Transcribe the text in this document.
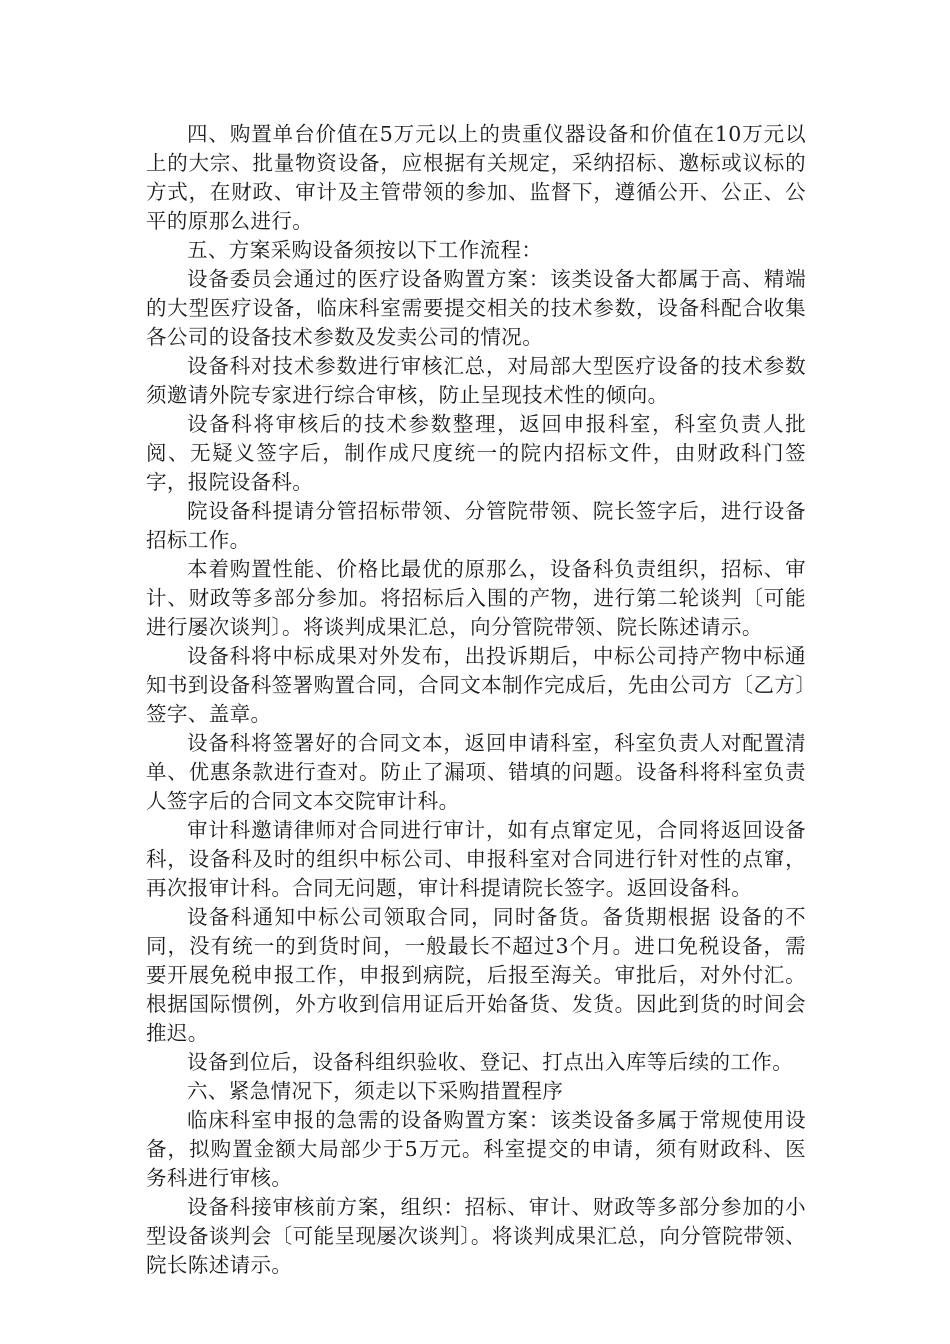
四、购置单台价值在5万元以上的贵重仪器设备和价值在10万元以上的大宗、批量物资设备，应根据有关规定，采纳招标、邀标或议标的方式，在财政、审计及主管带领的参加、监督下，遵循公开、公正、公平的原那么进行。

五、方案采购设备须按以下工作流程：

设备委员会通过的医疗设备购置方案：该类设备大都属于高、精端的大型医疗设备，临床科室需要提交相关的技术参数，设备科配合收集各公司的设备技术参数及发卖公司的情况。

设备科对技术参数进行审核汇总，对局部大型医疗设备的技术参数须邀请外院专家进行综合审核，防止呈现技术性的倾向。

设备科将审核后的技术参数整理，返回申报科室，科室负责人批阅、无疑义签字后，制作成尺度统一的院内招标文件，由财政科门签字，报院设备科。

院设备科提请分管招标带领、分管院带领、院长签字后，进行设备招标工作。

本着购置性能、价格比最优的原那么，设备科负责组织，招标、审计、财政等多部分参加。将招标后入围的产物，进行第二轮谈判〔可能进行屡次谈判〕。将谈判成果汇总，向分管院带领、院长陈述请示。

设备科将中标成果对外发布，出投诉期后，中标公司持产物中标通知书到设备科签署购置合同，合同文本制作完成后，先由公司方〔乙方〕签字、盖章。

设备科将签署好的合同文本，返回申请科室，科室负责人对配置清单、优惠条款进行查对。防止了漏项、错填的问题。设备科将科室负责人签字后的合同文本交院审计科。

审计科邀请律师对合同进行审计，如有点窜定见，合同将返回设备科，设备科及时的组织中标公司、申报科室对合同进行针对性的点窜，再次报审计科。合同无问题，审计科提请院长签字。返回设备科。

设备科通知中标公司领取合同，同时备货。备货期根据 设备的不同，没有统一的到货时间，一般最长不超过3个月。进口免税设备，需要开展免税申报工作，申报到病院，后报至海关。审批后，对外付汇。根据国际惯例，外方收到信用证后开始备货、发货。因此到货的时间会推迟。

设备到位后，设备科组织验收、登记、打点出入库等后续的工作。

六、紧急情况下，须走以下采购措置程序

临床科室申报的急需的设备购置方案：该类设备多属于常规使用设备，拟购置金额大局部少于5万元。科室提交的申请，须有财政科、医务科进行审核。

设备科接审核前方案，组织：招标、审计、财政等多部分参加的小型设备谈判会〔可能呈现屡次谈判〕。将谈判成果汇总，向分管院带领、院长陈述请示。
